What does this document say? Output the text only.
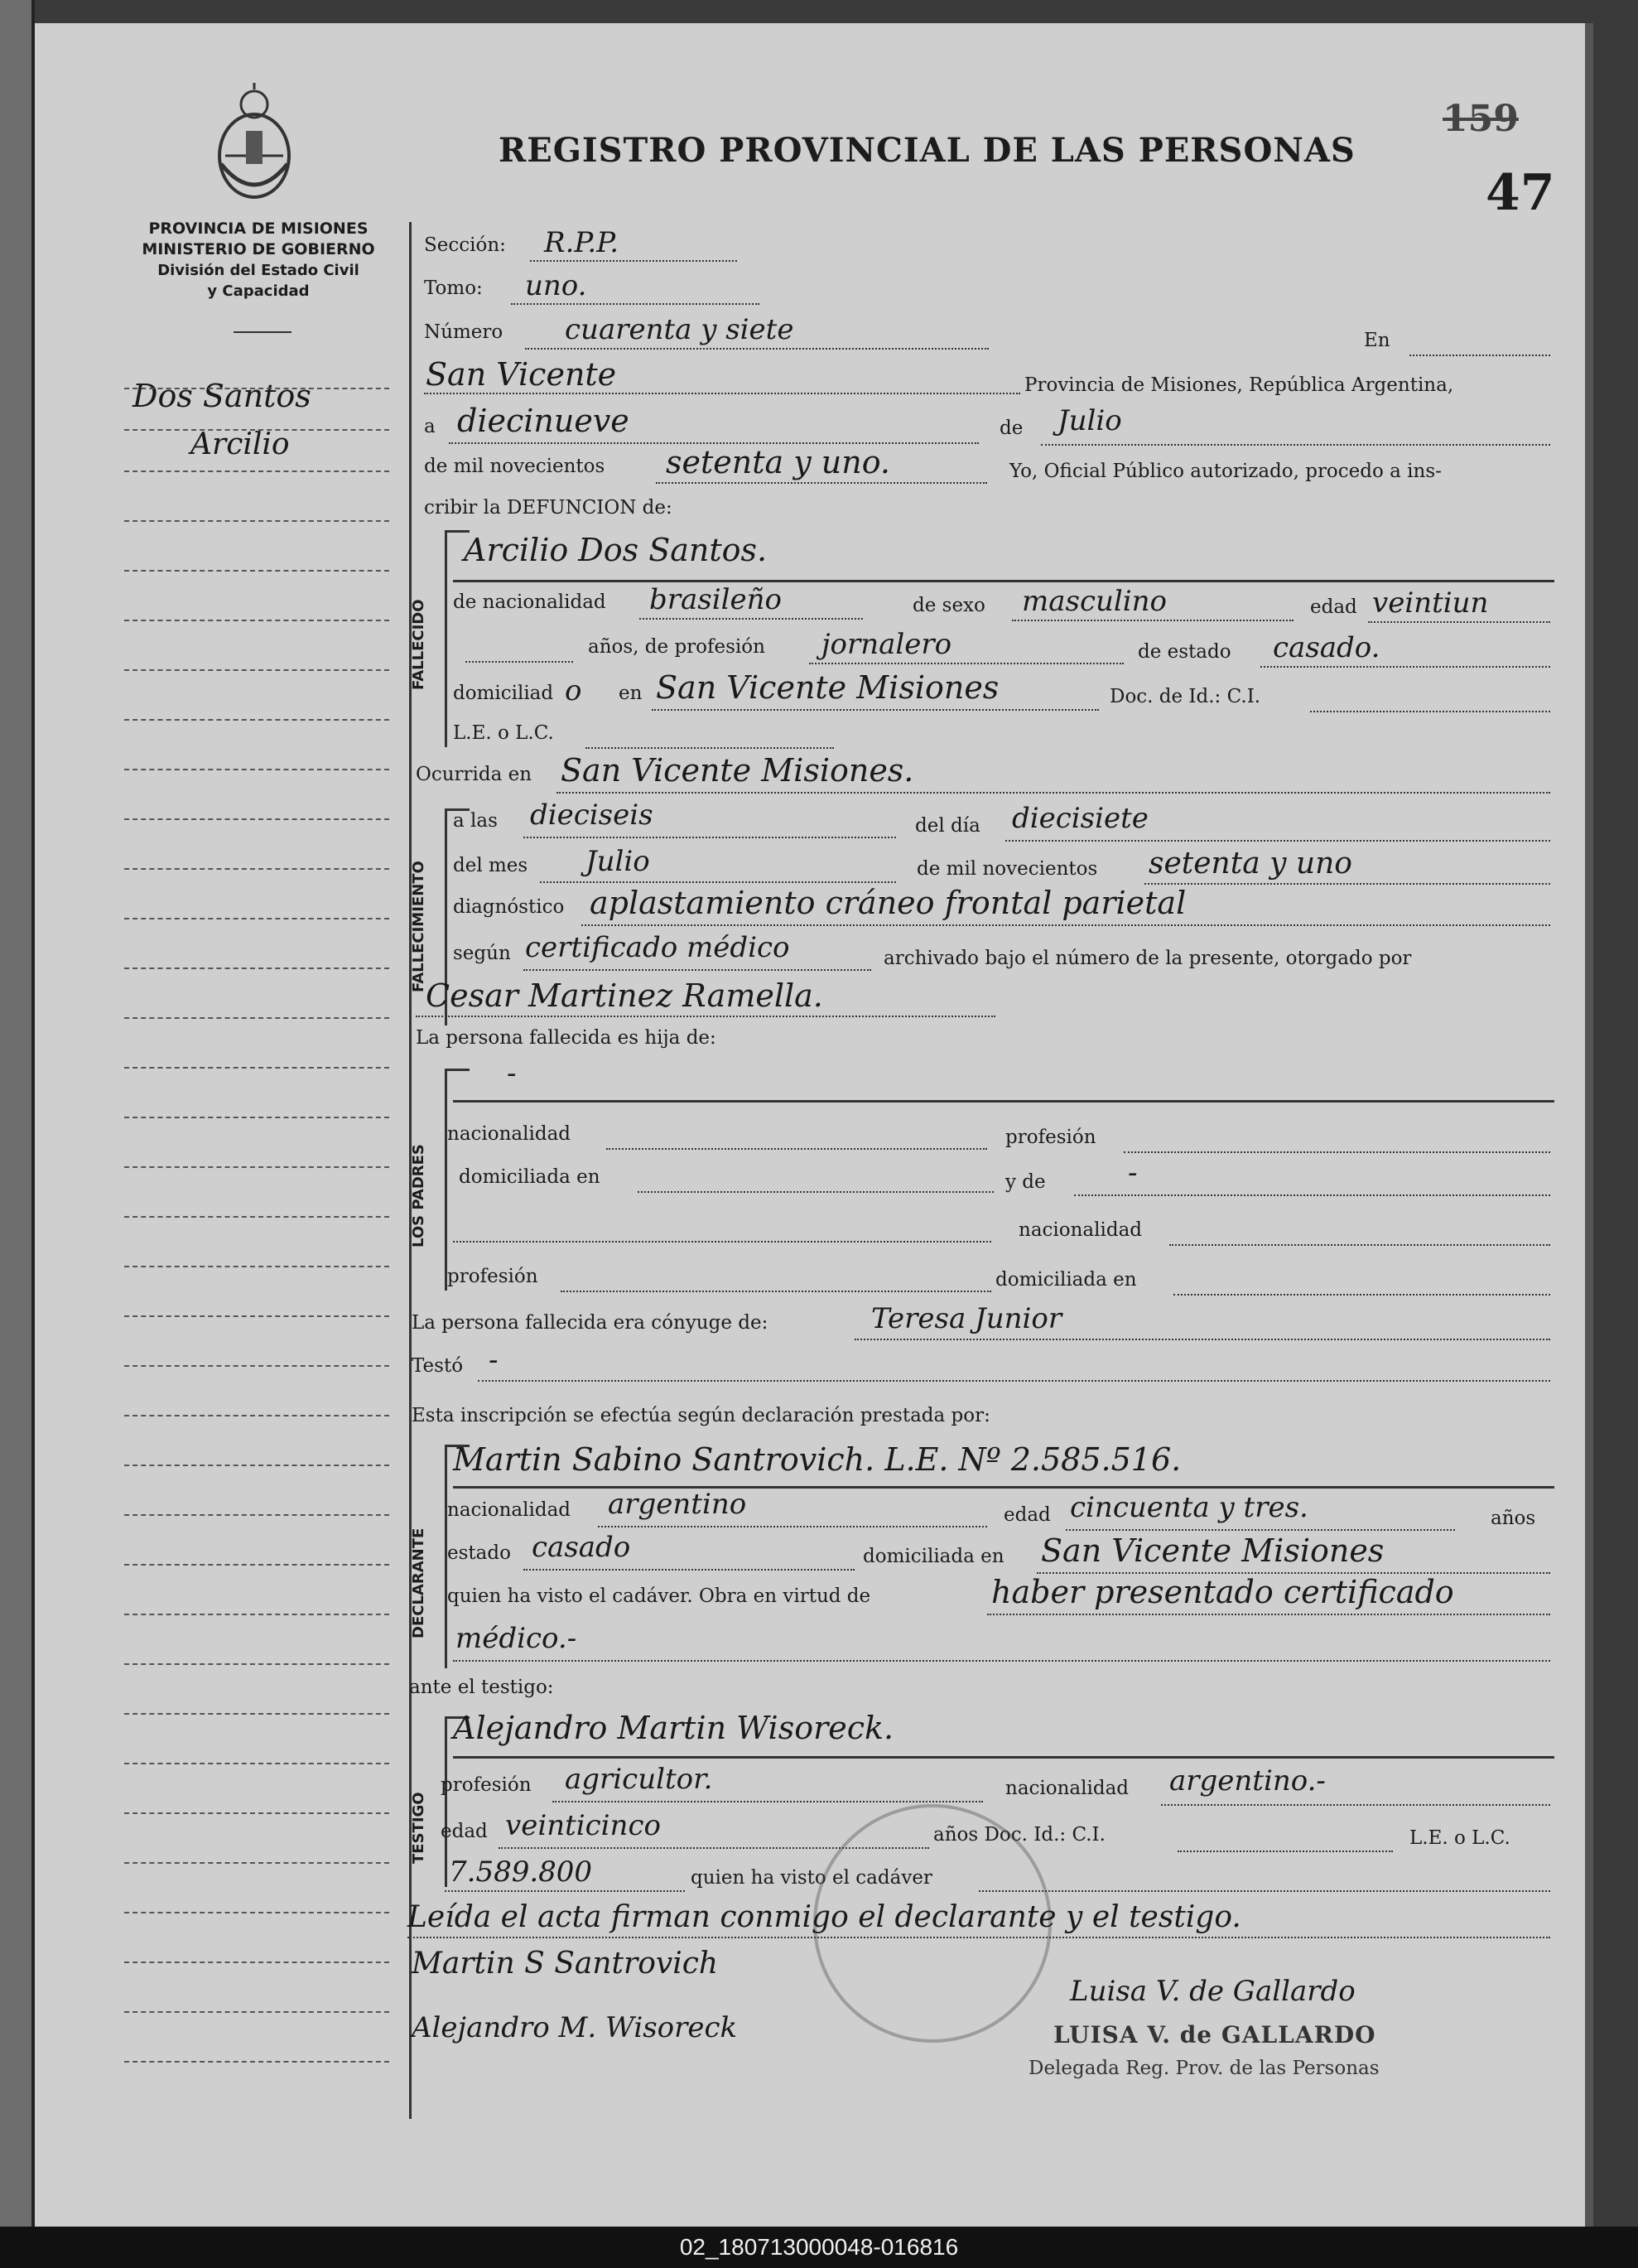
REGISTRO PROVINCIAL DE LAS PERSONAS
159
47
PROVINCIA DE MISIONES
MINISTERIO DE GOBIERNO
División del Estado Civil
y Capacidad
Dos Santos
Arcilio
Sección: R.P.P.
Tomo: uno.
Número cuarenta y siete	En
San Vicente	Provincia de Misiones, República Argentina,
a diecinueve	de Julio
de mil novecientos setenta y uno.	Yo, Oficial Público autorizado, procedo a ins-
cribir la DEFUNCION de:
FALLECIDO
Arcilio Dos Santos.
de nacionalidad brasileño	de sexo masculino	edad veintiun
años, de profesión jornalero	de estado casado.
domiciliad o en San Vicente Misiones	Doc. de Id.: C.I.
L.E. o L.C.
Ocurrida en San Vicente Misiones.
FALLECIMIENTO
a las dieciseis	del día diecisiete
del mes Julio	de mil novecientos setenta y uno
diagnóstico aplastamiento cráneo frontal parietal
según certificado médico	archivado bajo el número de la presente, otorgado por
Cesar Martinez Ramella.
La persona fallecida es hija de:
LOS PADRES
-
nacionalidad	profesión
domiciliada en	y de	-
nacionalidad
profesión	domiciliada en
La persona fallecida era cónyuge de:	Teresa Junior
Testó -
Esta inscripción se efectúa según declaración prestada por:
DECLARANTE
Martin Sabino Santrovich. L.E. Nº 2.585.516.
nacionalidad argentino	edad cincuenta y tres.	años
estado casado	domiciliada en San Vicente Misiones
quien ha visto el cadáver. Obra en virtud de	haber presentado certificado
médico.-
ante el testigo:
TESTIGO
Alejandro Martin Wisoreck.
profesión agricultor.	nacionalidad argentino.-
edad veinticinco	años Doc. Id.: C.I.	L.E. o L.C.
7.589.800	quien ha visto el cadáver
Leída el acta firman conmigo el declarante y el testigo.
Martin S Santrovich
Alejandro M. Wisoreck
Luisa V. de Gallardo
LUISA V. de GALLARDO
Delegada Reg. Prov. de las Personas
02_180713000048-016816
